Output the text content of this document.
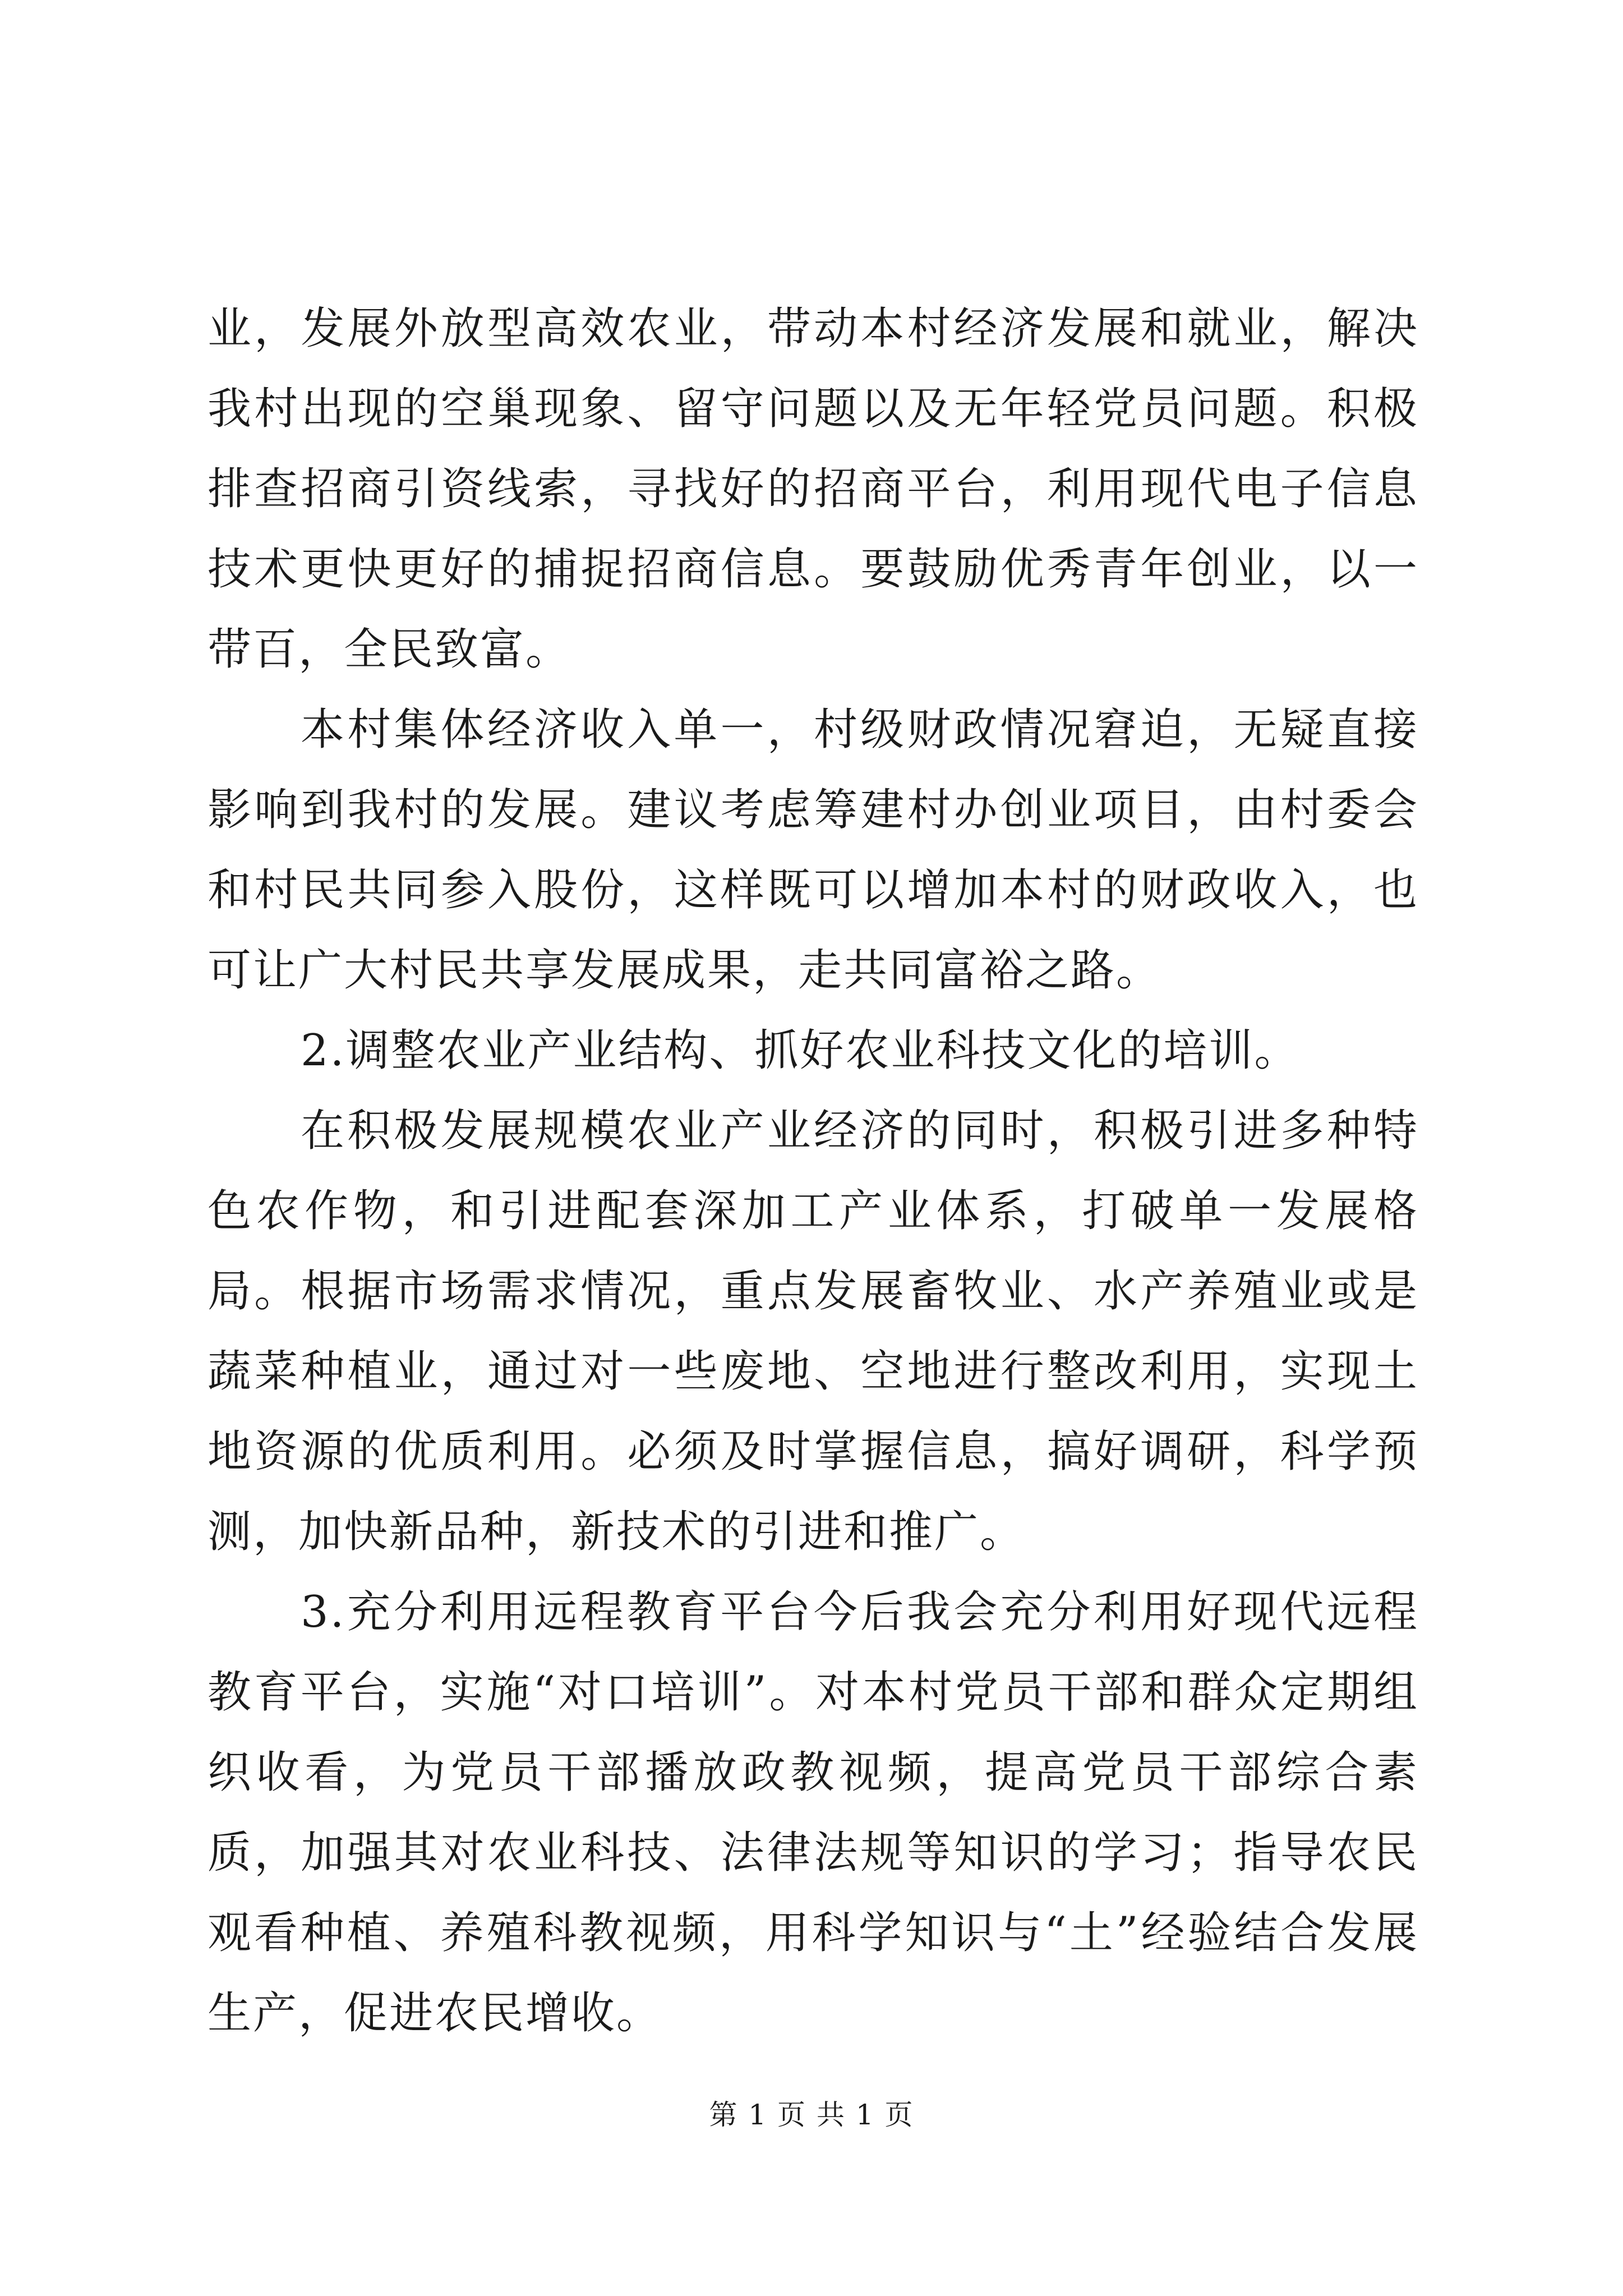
业，发展外放型高效农业，带动本村经济发展和就业，解决我村出现的空巢现象、留守问题以及无年轻党员问题。积极排查招商引资线索，寻找好的招商平台，利用现代电子信息技术更快更好的捕捉招商信息。要鼓励优秀青年创业，以一带百，全民致富。

本村集体经济收入单一，村级财政情况窘迫，无疑直接影响到我村的发展。建议考虑筹建村办创业项目，由村委会和村民共同参入股份，这样既可以增加本村的财政收入，也可让广大村民共享发展成果，走共同富裕之路。

2.调整农业产业结构、抓好农业科技文化的培训。

在积极发展规模农业产业经济的同时，积极引进多种特色农作物，和引进配套深加工产业体系，打破单一发展格局。根据市场需求情况，重点发展畜牧业、水产养殖业或是蔬菜种植业，通过对一些废地、空地进行整改利用，实现土地资源的优质利用。必须及时掌握信息，搞好调研，科学预测，加快新品种，新技术的引进和推广。

3.充分利用远程教育平台今后我会充分利用好现代远程教育平台，实施“对口培训”。对本村党员干部和群众定期组织收看，为党员干部播放政教视频，提高党员干部综合素质，加强其对农业科技、法律法规等知识的学习；指导农民观看种植、养殖科教视频，用科学知识与“土”经验结合发展生产，促进农民增收。

第 1 页 共 1 页
